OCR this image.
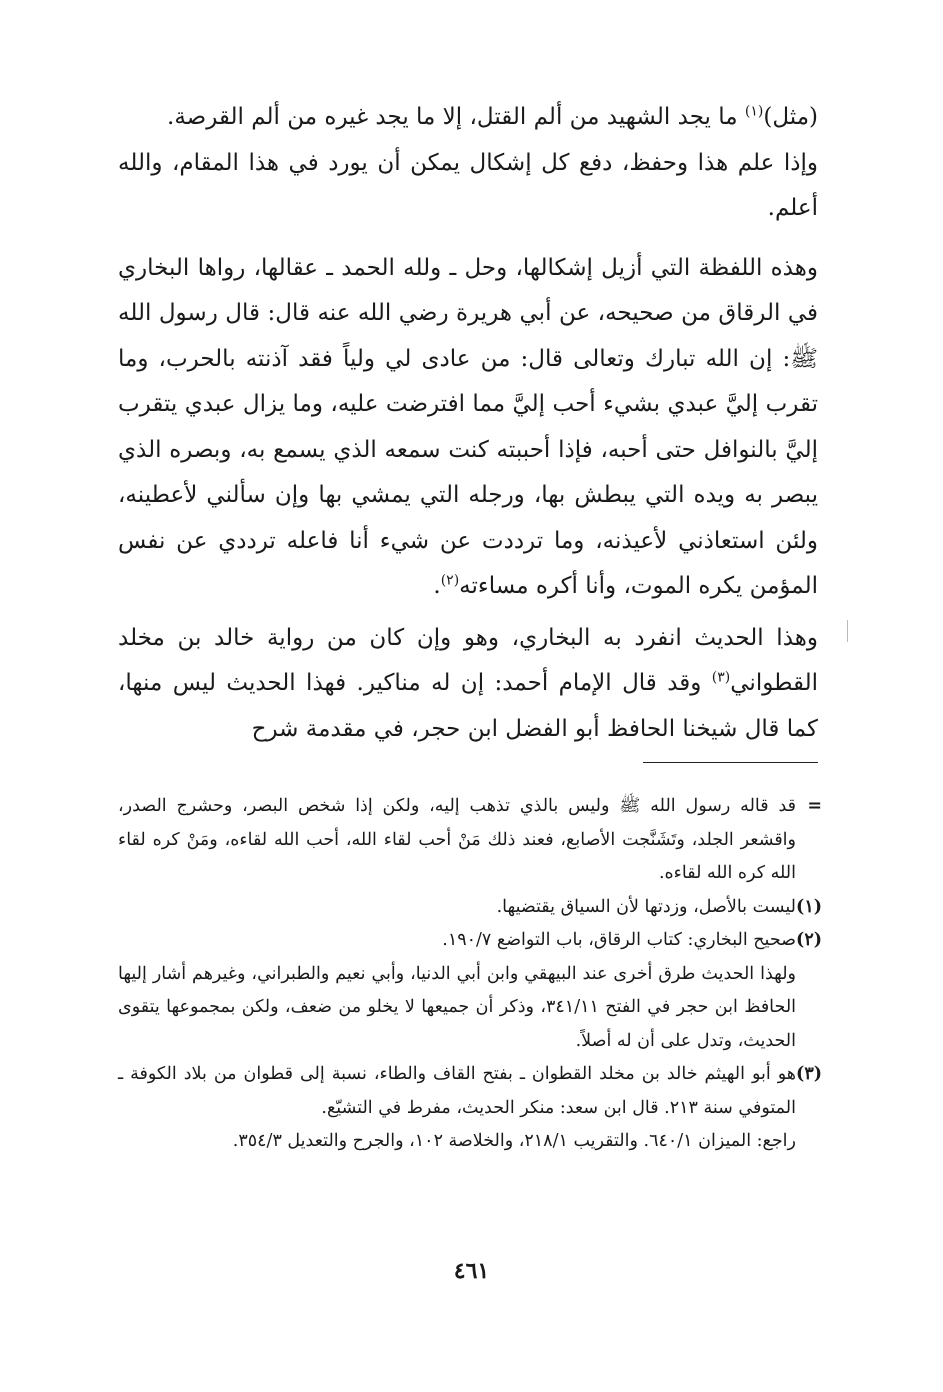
(مثل)$^{(١)}$ ما يجد الشهيد من ألم القتل، إلا ما يجد غيره من ألم القرصة.

وإذا علم هذا وحفظ، دفع كل إشكال يمكن أن يورد في هذا المقام، والله أعلم.

وهذه اللفظة التي أزيل إشكالها، وحل ـ ولله الحمد ـ عقالها، رواها البخاري في الرقاق من صحيحه، عن أبي هريرة رضي الله عنه قال: قال رسول الله ﷺ: إن الله تبارك وتعالى قال: من عادى لي ولياً فقد آذنته بالحرب، وما تقرب إليَّ عبدي بشيء أحب إليَّ مما افترضت عليه، وما يزال عبدي يتقرب إليَّ بالنوافل حتى أحبه، فإذا أحببته كنت سمعه الذي يسمع به، وبصره الذي يبصر به ويده التي يبطش بها، ورجله التي يمشي بها وإن سألني لأعطينه، ولئن استعاذني لأعيذنه، وما ترددت عن شيء أنا فاعله ترددي عن نفس المؤمن يكره الموت، وأنا أكره مساءته$^{(٢)}$.

وهذا الحديث انفرد به البخاري، وهو وإن كان من رواية خالد بن مخلد القطواني$^{(٣)}$ وقد قال الإمام أحمد: إن له مناكير. فهذا الحديث ليس منها، كما قال شيخنا الحافظ أبو الفضل ابن حجر، في مقدمة شرح

=
قد قاله رسول الله ﷺ وليس بالذي تذهب إليه، ولكن إذا شخص البصر، وحشرج الصدر، واقشعر الجلد، وتَشَنَّجت الأصابع، فعند ذلك مَنْ أحب لقاء الله، أحب الله لقاءه، ومَنْ كره لقاء الله كره الله لقاءه.
(١)
ليست بالأصل، وزدتها لأن السياق يقتضيها.
(٢)
صحيح البخاري: كتاب الرقاق، باب التواضع ١٩٠/٧.
ولهذا الحديث طرق أخرى عند البيهقي وابن أبي الدنيا، وأبي نعيم والطبراني، وغيرهم أشار إليها الحافظ ابن حجر في الفتح ٣٤١/١١، وذكر أن جميعها لا يخلو من ضعف، ولكن بمجموعها يتقوى الحديث، وتدل على أن له أصلاً.
(٣)
هو أبو الهيثم خالد بن مخلد القطوان ـ بفتح القاف والطاء، نسبة إلى قطوان من بلاد الكوفة ـ المتوفي سنة ٢١٣. قال ابن سعد: منكر الحديث، مفرط في التشيّع.
راجع: الميزان ٦٤٠/١. والتقريب ٢١٨/١، والخلاصة ١٠٢، والجرح والتعديل ٣٥٤/٣.
٤٦١
